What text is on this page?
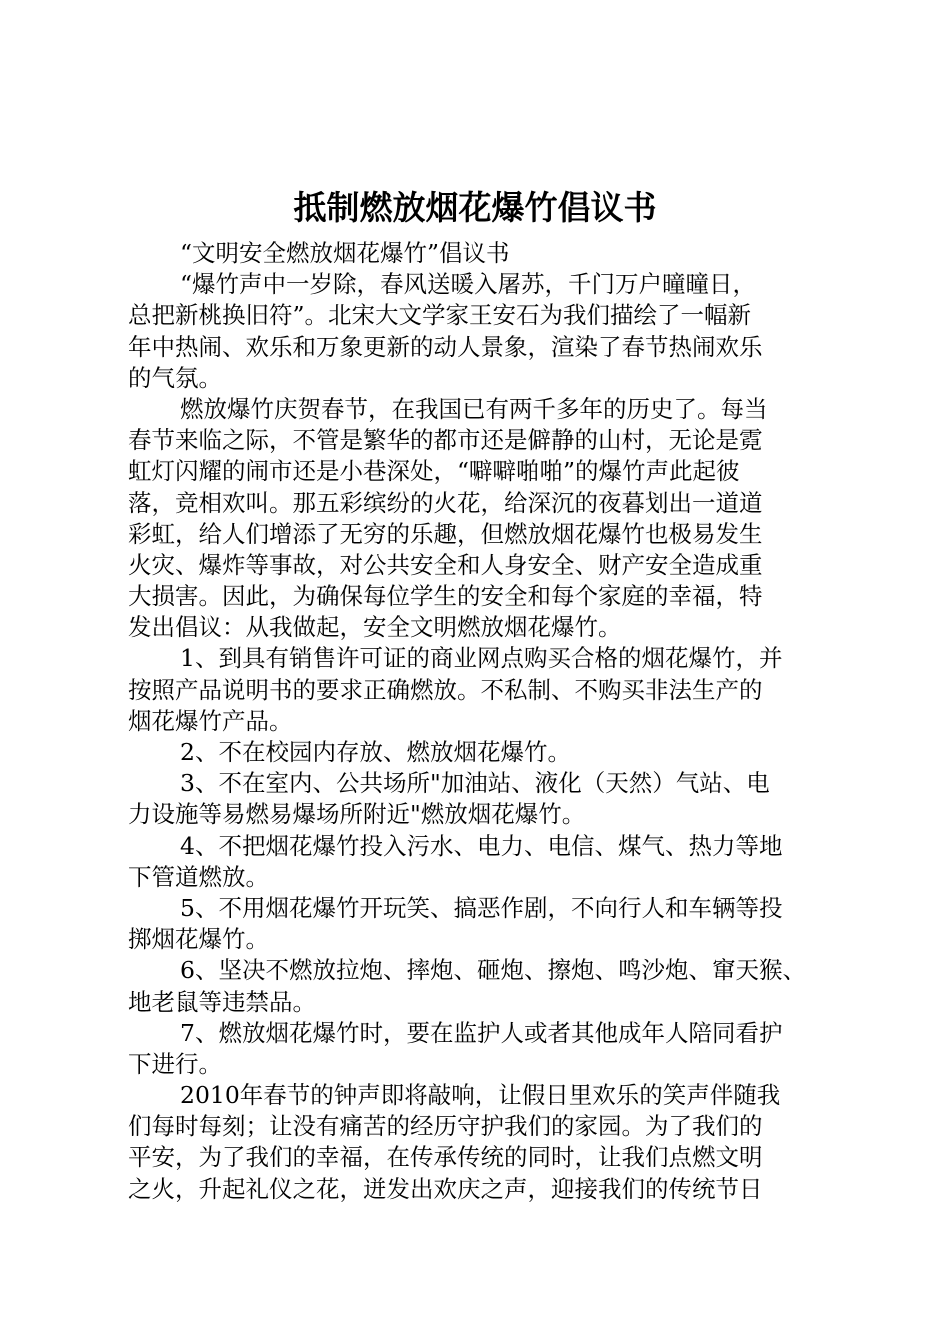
抵制燃放烟花爆竹倡议书
“文明安全燃放烟花爆竹”倡议书
“爆竹声中一岁除，春风送暖入屠苏，千门万户曈曈日，
总把新桃换旧符”。北宋大文学家王安石为我们描绘了一幅新
年中热闹、欢乐和万象更新的动人景象，渲染了春节热闹欢乐
的气氛。
燃放爆竹庆贺春节，在我国已有两千多年的历史了。每当
春节来临之际，不管是繁华的都市还是僻静的山村，无论是霓
虹灯闪耀的闹市还是小巷深处，“噼噼啪啪”的爆竹声此起彼
落，竞相欢叫。那五彩缤纷的火花，给深沉的夜暮划出一道道
彩虹，给人们增添了无穷的乐趣，但燃放烟花爆竹也极易发生
火灾、爆炸等事故，对公共安全和人身安全、财产安全造成重
大损害。因此，为确保每位学生的安全和每个家庭的幸福，特
发出倡议：从我做起，安全文明燃放烟花爆竹。
1、到具有销售许可证的商业网点购买合格的烟花爆竹，并
按照产品说明书的要求正确燃放。不私制、不购买非法生产的
烟花爆竹产品。
2、不在校园内存放、燃放烟花爆竹。
3、不在室内、公共场所"加油站、液化（天然）气站、电
力设施等易燃易爆场所附近"燃放烟花爆竹。
4、不把烟花爆竹投入污水、电力、电信、煤气、热力等地
下管道燃放。
5、不用烟花爆竹开玩笑、搞恶作剧，不向行人和车辆等投
掷烟花爆竹。
6、坚决不燃放拉炮、摔炮、砸炮、擦炮、鸣沙炮、窜天猴、
地老鼠等违禁品。
7、燃放烟花爆竹时，要在监护人或者其他成年人陪同看护
下进行。
2010年春节的钟声即将敲响，让假日里欢乐的笑声伴随我
们每时每刻；让没有痛苦的经历守护我们的家园。为了我们的
平安，为了我们的幸福，在传承传统的同时，让我们点燃文明
之火，升起礼仪之花，迸发出欢庆之声，迎接我们的传统节日
